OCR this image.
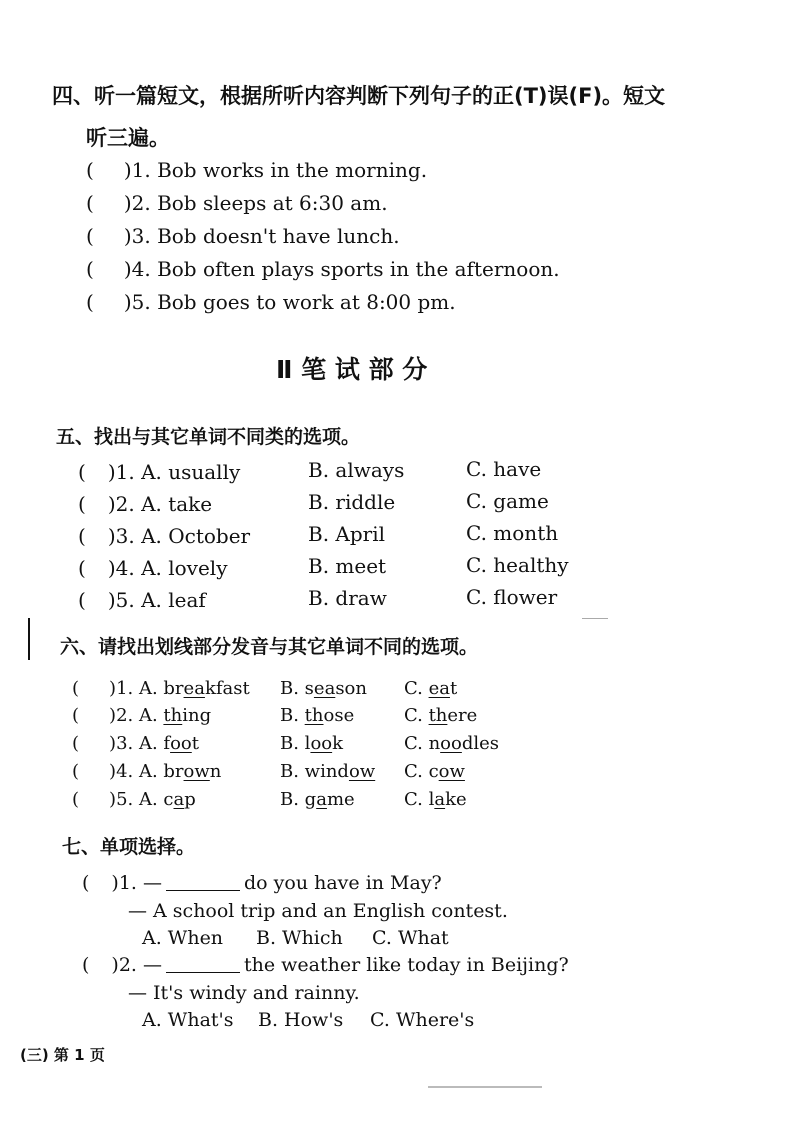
四、听一篇短文，根据所听内容判断下列句子的正(T)误(F)。短文
听三遍。
( )1. Bob works in the morning.
( )2. Bob sleeps at 6:30 am.
( )3. Bob doesn't have lunch.
( )4. Bob often plays sports in the afternoon.
( )5. Bob goes to work at 8:00 pm.
Ⅱ 笔 试 部 分
五、找出与其它单词不同类的选项。
( )1. A. usually	B. always	C. have
( )2. A. take	B. riddle	C. game
( )3. A. October	B. April	C. month
( )4. A. lovely	B. meet	C. healthy
( )5. A. leaf	B. draw	C. flower
六、请找出划线部分发音与其它单词不同的选项。
( )1. A. breakfast B. season C. eat
( )2. A. thing	B. those	C. there
( )3. A. foot	B. look	C. noodles
( )4. A. brown	B. window C. cow
( )5. A. cap	B. game	C. lake
七、单项选择。
( )1. —	do you have in May?
— A school trip and an English contest.
A. When B. Which C. What
( )2. —	the weather like today in Beijing?
— It's windy and rainny.
A. What's B. How's C. Where's
(三) 第 1 页
